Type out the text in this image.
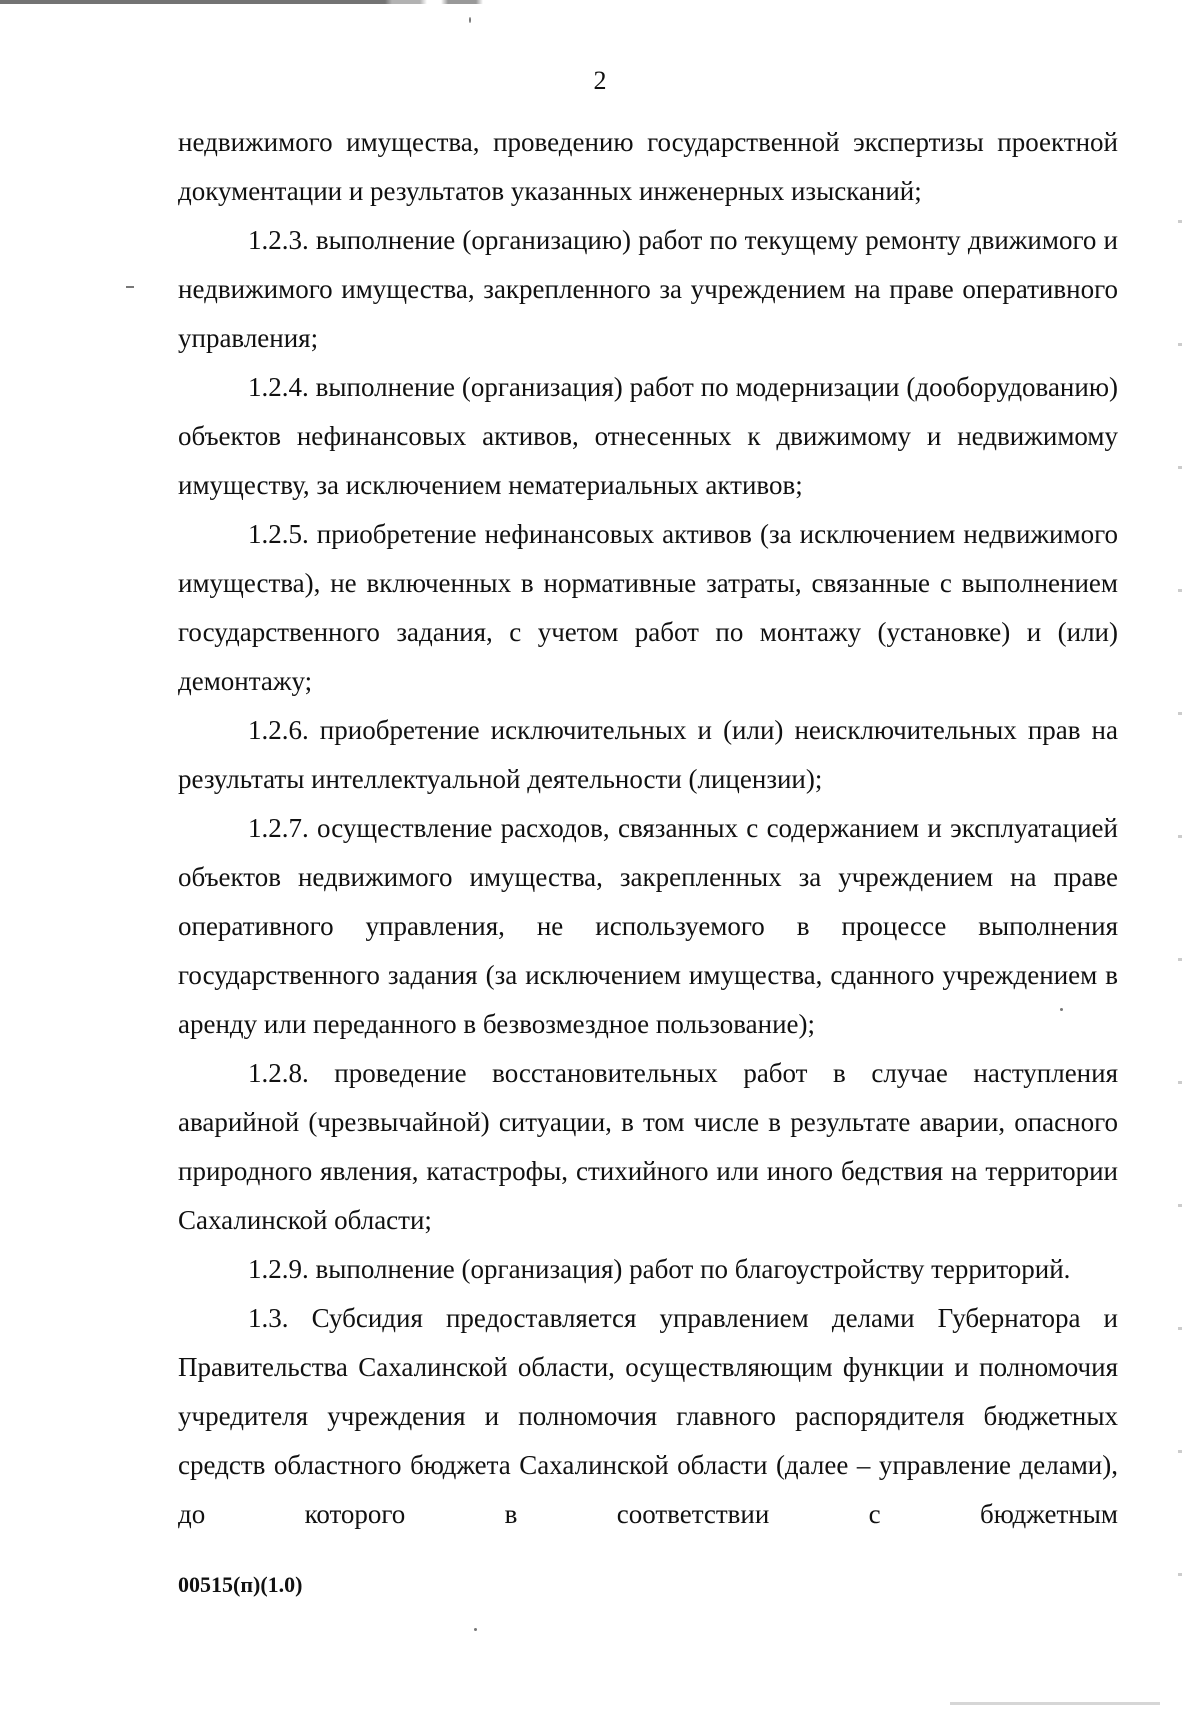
2

недвижимого имущества, проведению государственной экспертизы проектной документации и результатов указанных инженерных изысканий;

1.2.3. выполнение (организацию) работ по текущему ремонту движимого и недвижимого имущества, закрепленного за учреждением на праве оперативного управления;

1.2.4. выполнение (организация) работ по модернизации (дооборудованию) объектов нефинансовых активов, отнесенных к движимому и недвижимому имуществу, за исключением нематериальных активов;

1.2.5. приобретение нефинансовых активов (за исключением недвижимого имущества), не включенных в нормативные затраты, связанные с выполнением государственного задания, с учетом работ по монтажу (установке) и (или) демонтажу;

1.2.6. приобретение исключительных и (или) неисключительных прав на результаты интеллектуальной деятельности (лицензии);

1.2.7. осуществление расходов, связанных с содержанием и эксплуатацией объектов недвижимого имущества, закрепленных за учреждением на праве оперативного управления, не используемого в процессе выполнения государственного задания (за исключением имущества, сданного учреждением в аренду или переданного в безвозмездное пользование);

1.2.8. проведение восстановительных работ в случае наступления аварийной (чрезвычайной) ситуации, в том числе в результате аварии, опасного природного явления, катастрофы, стихийного или иного бедствия на территории Сахалинской области;

1.2.9. выполнение (организация) работ по благоустройству территорий.

1.3. Субсидия предоставляется управлением делами Губернатора и Правительства Сахалинской области, осуществляющим функции и полномочия учредителя учреждения и полномочия главного распорядителя бюджетных средств областного бюджета Сахалинской области (далее – управление делами), до которого в соответствии с бюджетным

00515(п)(1.0)
